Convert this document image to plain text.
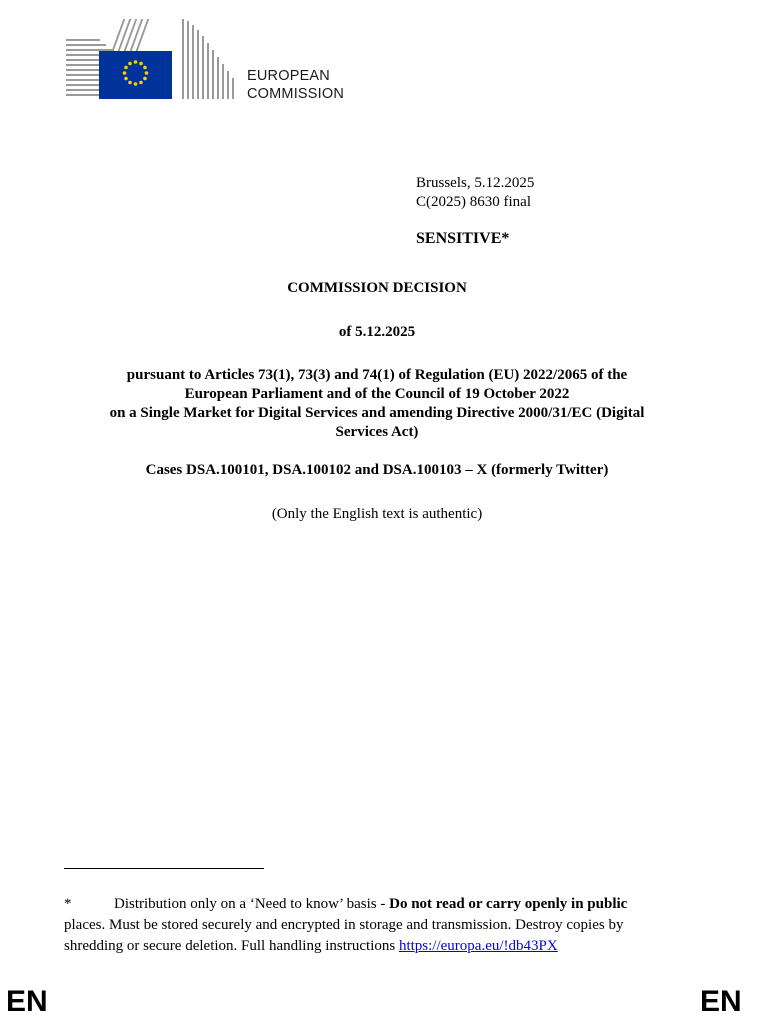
EUROPEAN
COMMISSION
Brussels, 5.12.2025
C(2025) 8630 final
SENSITIVE*
COMMISSION DECISION
of 5.12.2025
pursuant to Articles 73(1), 73(3) and 74(1) of Regulation (EU) 2022/2065 of the
European Parliament and of the Council of 19 October 2022
on a Single Market for Digital Services and amending Directive 2000/31/EC (Digital
Services Act)
Cases DSA.100101, DSA.100102 and DSA.100103 – X (formerly Twitter)
(Only the English text is authentic)
*	Distribution only on a ‘Need to know’ basis - Do not read or carry openly in public
places. Must be stored securely and encrypted in storage and transmission. Destroy copies by
shredding or secure deletion. Full handling instructions https://europa.eu/!db43PX
EN	EN
